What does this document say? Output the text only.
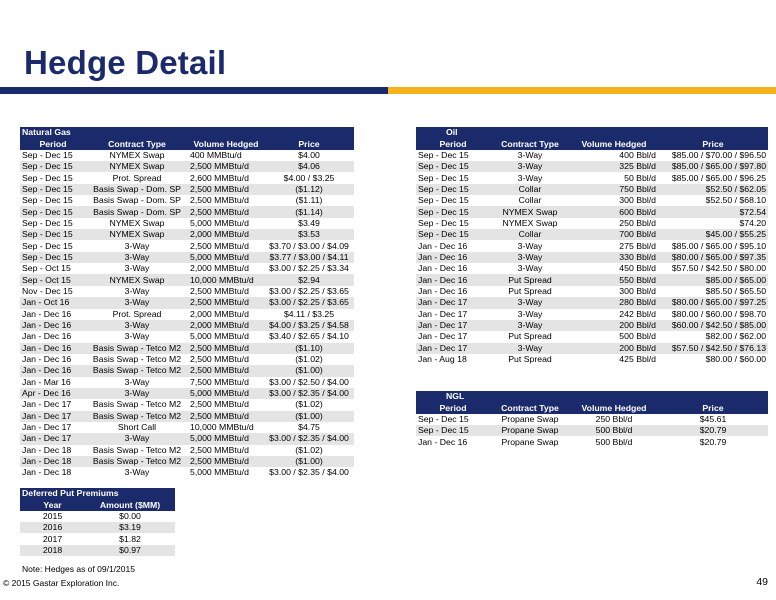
Hedge Detail
Natural Gas			
Period	Contract Type	Volume Hedged	Price
Sep - Dec 15	NYMEX Swap	400 MMBtu/d	$4.00
Sep - Dec 15	NYMEX Swap	2,500 MMBtu/d	$4.06
Sep - Dec 15	Prot. Spread	2,600 MMBtu/d	$4.00 / $3.25
Sep - Dec 15	Basis Swap - Dom. SP	2,500 MMBtu/d	($1.12)
Sep - Dec 15	Basis Swap - Dom. SP	2,500 MMBtu/d	($1.11)
Sep - Dec 15	Basis Swap - Dom. SP	2,500 MMBtu/d	($1.14)
Sep - Dec 15	NYMEX Swap	5,000 MMBtu/d	$3.49
Sep - Dec 15	NYMEX Swap	2,000 MMBtu/d	$3.53
Sep - Dec 15	3-Way	2,500 MMBtu/d	$3.70 / $3.00 / $4.09
Sep - Dec 15	3-Way	5,000 MMBtu/d	$3.77 / $3.00 / $4.11
Sep - Oct 15	3-Way	2,000 MMBtu/d	$3.00 / $2.25 / $3.34
Sep - Oct 15	NYMEX Swap	10,000 MMBtu/d	$2.94
Nov - Dec 15	3-Way	2,500 MMBtu/d	$3.00 / $2.25 / $3.65
Jan - Oct 16	3-Way	2,500 MMBtu/d	$3.00 / $2.25 / $3.65
Jan - Dec 16	Prot. Spread	2,000 MMBtu/d	$4.11 / $3.25
Jan - Dec 16	3-Way	2,000 MMBtu/d	$4.00 / $3.25 / $4.58
Jan - Dec 16	3-Way	5,000 MMBtu/d	$3.40 / $2.65 / $4.10
Jan - Dec 16	Basis Swap - Tetco M2	2,500 MMBtu/d	($1.10)
Jan - Dec 16	Basis Swap - Tetco M2	2,500 MMBtu/d	($1.02)
Jan - Dec 16	Basis Swap - Tetco M2	2,500 MMBtu/d	($1.00)
Jan - Mar 16	3-Way	7,500 MMBtu/d	$3.00 / $2.50 / $4.00
Apr - Dec 16	3-Way	5,000 MMBtu/d	$3.00 / $2.35 / $4.00
Jan - Dec 17	Basis Swap - Tetco M2	2,500 MMBtu/d	($1.02)
Jan - Dec 17	Basis Swap - Tetco M2	2,500 MMBtu/d	($1.00)
Jan - Dec 17	Short Call	10,000 MMBtu/d	$4.75
Jan - Dec 17	3-Way	5,000 MMBtu/d	$3.00 / $2.35 / $4.00
Jan - Dec 18	Basis Swap - Tetco M2	2,500 MMBtu/d	($1.02)
Jan - Dec 18	Basis Swap - Tetco M2	2,500 MMBtu/d	($1.00)
Jan - Dec 18	3-Way	5,000 MMBtu/d	$3.00 / $2.35 / $4.00
Oil			
Period	Contract Type	Volume Hedged	Price
Sep - Dec 15	3-Way	400 Bbl/d	$85.00 / $70.00 / $96.50
Sep - Dec 15	3-Way	325 Bbl/d	$85.00 / $65.00 / $97.80
Sep - Dec 15	3-Way	50 Bbl/d	$85.00 / $65.00 / $96.25
Sep - Dec 15	Collar	750 Bbl/d	$52.50 / $62.05
Sep - Dec 15	Collar	300 Bbl/d	$52.50 / $68.10
Sep - Dec 15	NYMEX Swap	600 Bbl/d	$72.54
Sep - Dec 15	NYMEX Swap	250 Bbl/d	$74.20
Sep - Dec 15	Collar	700 Bbl/d	$45.00 / $55.25
Jan - Dec 16	3-Way	275 Bbl/d	$85.00 / $65.00 / $95.10
Jan - Dec 16	3-Way	330 Bbl/d	$80.00 / $65.00 / $97.35
Jan - Dec 16	3-Way	450 Bbl/d	$57.50 / $42.50 / $80.00
Jan - Dec 16	Put Spread	550 Bbl/d	$85.00 / $65.00
Jan - Dec 16	Put Spread	300 Bbl/d	$85.50 / $65.50
Jan - Dec 17	3-Way	280 Bbl/d	$80.00 / $65.00 / $97.25
Jan - Dec 17	3-Way	242 Bbl/d	$80.00 / $60.00 / $98.70
Jan - Dec 17	3-Way	200 Bbl/d	$60.00 / $42.50 / $85.00
Jan - Dec 17	Put Spread	500 Bbl/d	$82.00 / $62.00
Jan - Dec 17	3-Way	200 Bbl/d	$57.50 / $42.50 / $76.13
Jan - Aug 18	Put Spread	425 Bbl/d	$80.00 / $60.00
NGL			
Period	Contract Type	Volume Hedged	Price
Sep - Dec 15	Propane Swap	250 Bbl/d	$45.61
Sep - Dec 15	Propane Swap	500 Bbl/d	$20.79
Jan - Dec 16	Propane Swap	500 Bbl/d	$20.79
Deferred Put Premiums	
Year	Amount ($MM)
2015	$0.00
2016	$3.19
2017	$1.82
2018	$0.97
Note: Hedges as of 09/1/2015
© 2015 Gastar Exploration Inc.	49
